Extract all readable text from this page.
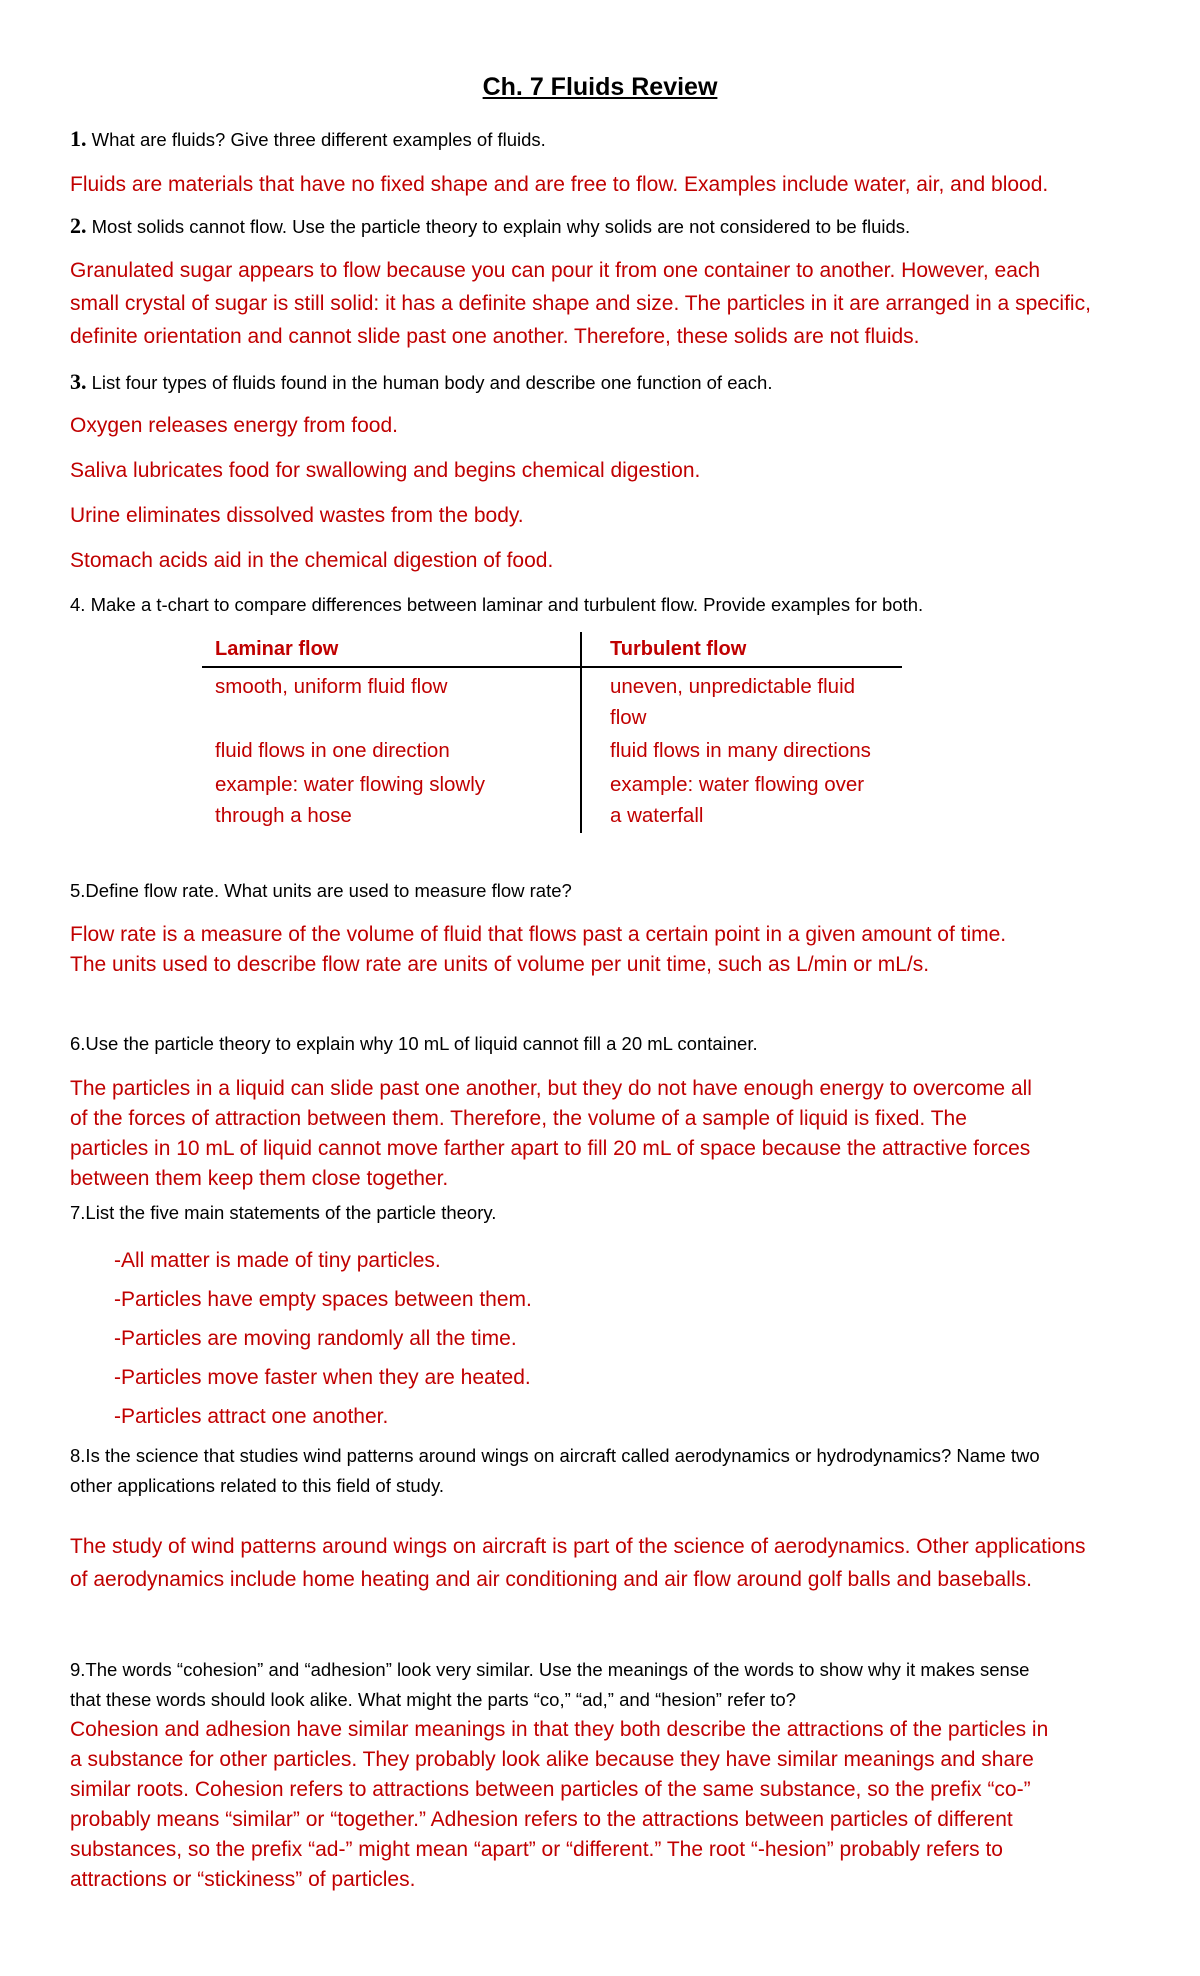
Ch. 7 Fluids Review
1. What are fluids? Give three different examples of fluids.
Fluids are materials that have no fixed shape and are free to flow. Examples include water, air, and blood.
2. Most solids cannot flow. Use the particle theory to explain why solids are not considered to be fluids.
Granulated sugar appears to flow because you can pour it from one container to another. However, each
small crystal of sugar is still solid: it has a definite shape and size. The particles in it are arranged in a specific,
definite orientation and cannot slide past one another. Therefore, these solids are not fluids.
3. List four types of fluids found in the human body and describe one function of each.
Oxygen releases energy from food.
Saliva lubricates food for swallowing and begins chemical digestion.
Urine eliminates dissolved wastes from the body.
Stomach acids aid in the chemical digestion of food.
4. Make a t-chart to compare differences between laminar and turbulent flow. Provide examples for both.
Laminar flow	Turbulent flow
smooth, uniform fluid flow
fluid flows in one direction
example: water flowing slowly
through a hose
uneven, unpredictable fluid
flow
fluid flows in many directions
example: water flowing over
a waterfall
5.Define flow rate. What units are used to measure flow rate?
Flow rate is a measure of the volume of fluid that flows past a certain point in a given amount of time.
The units used to describe flow rate are units of volume per unit time, such as L/min or mL/s.
6.Use the particle theory to explain why 10 mL of liquid cannot fill a 20 mL container.
The particles in a liquid can slide past one another, but they do not have enough energy to overcome all
of the forces of attraction between them. Therefore, the volume of a sample of liquid is fixed. The
particles in 10 mL of liquid cannot move farther apart to fill 20 mL of space because the attractive forces
between them keep them close together.
7.List the five main statements of the particle theory.
-All matter is made of tiny particles.
-Particles have empty spaces between them.
-Particles are moving randomly all the time.
-Particles move faster when they are heated.
-Particles attract one another.
8.Is the science that studies wind patterns around wings on aircraft called aerodynamics or hydrodynamics? Name two
other applications related to this field of study.
The study of wind patterns around wings on aircraft is part of the science of aerodynamics. Other applications
of aerodynamics include home heating and air conditioning and air flow around golf balls and baseballs.
9.The words “cohesion” and “adhesion” look very similar. Use the meanings of the words to show why it makes sense
that these words should look alike. What might the parts “co,” “ad,” and “hesion” refer to?
Cohesion and adhesion have similar meanings in that they both describe the attractions of the particles in
a substance for other particles. They probably look alike because they have similar meanings and share
similar roots. Cohesion refers to attractions between particles of the same substance, so the prefix “co-”
probably means “similar” or “together.” Adhesion refers to the attractions between particles of different
substances, so the prefix “ad-” might mean “apart” or “different.” The root “-hesion” probably refers to
attractions or “stickiness” of particles.
